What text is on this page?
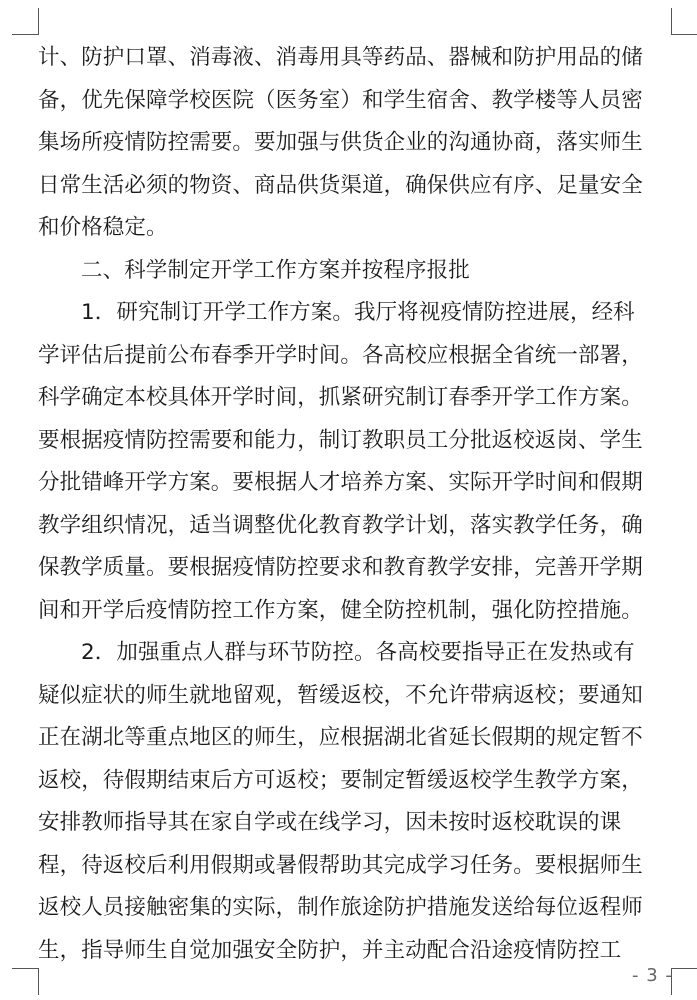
计、防护口罩、消毒液、消毒用具等药品、器械和防护用品的储
备，优先保障学校医院（医务室）和学生宿舍、教学楼等人员密
集场所疫情防控需要。要加强与供货企业的沟通协商，落实师生
日常生活必须的物资、商品供货渠道，确保供应有序、足量安全
和价格稳定。
二、科学制定开学工作方案并按程序报批
1．研究制订开学工作方案。我厅将视疫情防控进展，经科
学评估后提前公布春季开学时间。各高校应根据全省统一部署，
科学确定本校具体开学时间，抓紧研究制订春季开学工作方案。
要根据疫情防控需要和能力，制订教职员工分批返校返岗、学生
分批错峰开学方案。要根据人才培养方案、实际开学时间和假期
教学组织情况，适当调整优化教育教学计划，落实教学任务，确
保教学质量。要根据疫情防控要求和教育教学安排，完善开学期
间和开学后疫情防控工作方案，健全防控机制，强化防控措施。
2．加强重点人群与环节防控。各高校要指导正在发热或有
疑似症状的师生就地留观，暂缓返校，不允许带病返校；要通知
正在湖北等重点地区的师生，应根据湖北省延长假期的规定暂不
返校，待假期结束后方可返校；要制定暂缓返校学生教学方案，
安排教师指导其在家自学或在线学习，因未按时返校耽误的课
程，待返校后利用假期或暑假帮助其完成学习任务。要根据师生
返校人员接触密集的实际，制作旅途防护措施发送给每位返程师
生，指导师生自觉加强安全防护，并主动配合沿途疫情防控工
- 3 -
